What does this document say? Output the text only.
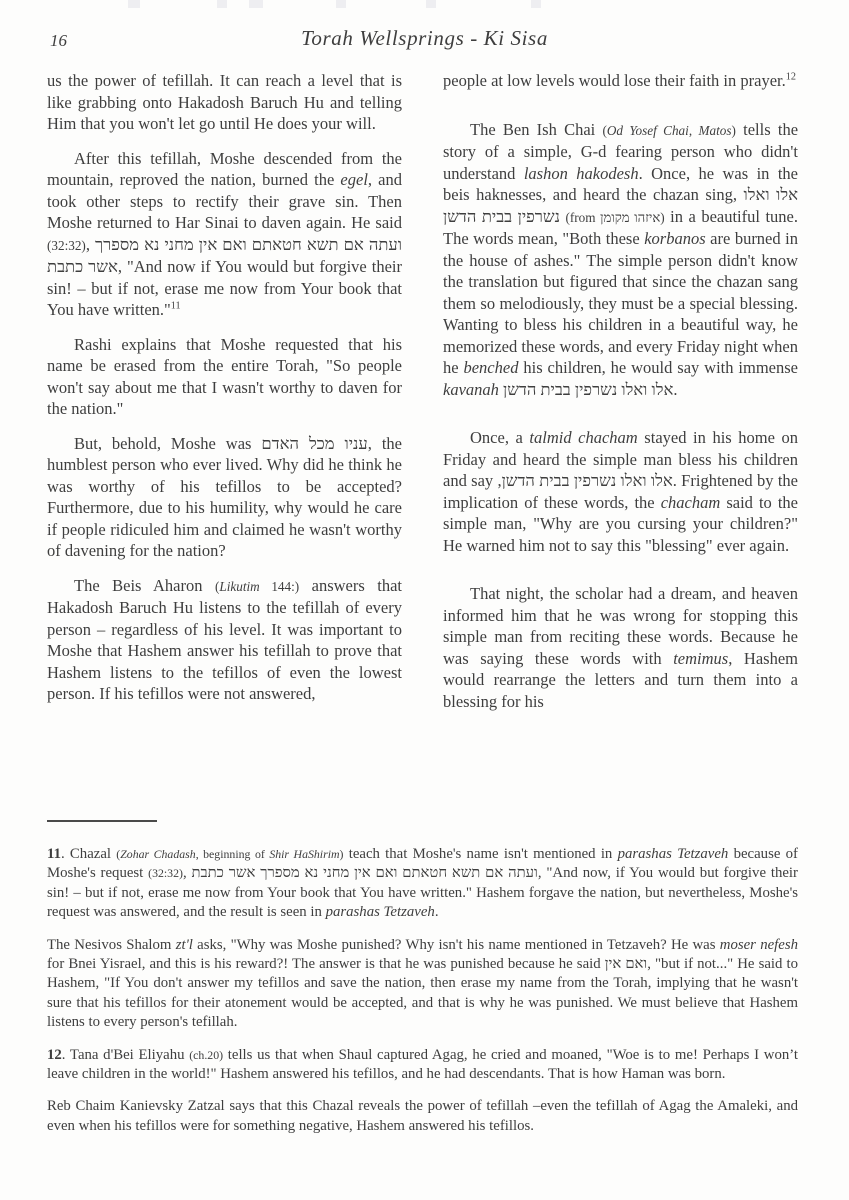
16	Torah Wellsprings - Ki Sisa

us the power of tefillah. It can reach a level that is like grabbing onto Hakadosh Baruch Hu and telling Him that you won't let go until He does your will.

After this tefillah, Moshe descended from the mountain, reproved the nation, burned the egel, and took other steps to rectify their grave sin. Then Moshe returned to Har Sinai to daven again. He said (32:32), ועתה אם תשא חטאתם ואם אין מחני נא מספרך אשר כתבת, "And now if You would but forgive their sin! – but if not, erase me now from Your book that You have written."$^{11}$

Rashi explains that Moshe requested that his name be erased from the entire Torah, "So people won't say about me that I wasn't worthy to daven for the nation."

But, behold, Moshe was עניו מכל האדם, the humblest person who ever lived. Why did he think he was worthy of his tefillos to be accepted? Furthermore, due to his humility, why would he care if people ridiculed him and claimed he wasn't worthy of davening for the nation?

The Beis Aharon (Likutim 144:) answers that Hakadosh Baruch Hu listens to the tefillah of every person – regardless of his level. It was important to Moshe that Hashem answer his tefillah to prove that Hashem listens to the tefillos of even the lowest person. If his tefillos were not answered,

people at low levels would lose their faith in prayer.$^{12}$

The Ben Ish Chai (Od Yosef Chai, Matos) tells the story of a simple, G-d fearing person who didn't understand lashon hakodesh. Once, he was in the beis haknesses, and heard the chazan sing, אלו ואלו נשרפין בבית הדשן (from איזהו מקומן) in a beautiful tune. The words mean, "Both these korbanos are burned in the house of ashes." The simple person didn't know the translation but figured that since the chazan sang them so melodiously, they must be a special blessing. Wanting to bless his children in a beautiful way, he memorized these words, and every Friday night when he benched his children, he would say with immense kavanah אלו ואלו נשרפין בבית הדשן.

Once, a talmid chacham stayed in his home on Friday and heard the simple man bless his children and say ,אלו ואלו נשרפין בבית הדשן. Frightened by the implication of these words, the chacham said to the simple man, "Why are you cursing your children?" He warned him not to say this "blessing" ever again.

That night, the scholar had a dream, and heaven informed him that he was wrong for stopping this simple man from reciting these words. Because he was saying these words with temimus, Hashem would rearrange the letters and turn them into a blessing for his

11. Chazal (Zohar Chadash, beginning of Shir HaShirim) teach that Moshe's name isn't mentioned in parashas Tetzaveh because of Moshe's request (32:32), ועתה אם תשא חטאתם ואם אין מחני נא מספרך אשר כתבת, "And now, if You would but forgive their sin! – but if not, erase me now from Your book that You have written." Hashem forgave the nation, but nevertheless, Moshe's request was answered, and the result is seen in parashas Tetzaveh.

The Nesivos Shalom zt'l asks, "Why was Moshe punished? Why isn't his name mentioned in Tetzaveh? He was moser nefesh for Bnei Yisrael, and this is his reward?! The answer is that he was punished because he said ואם אין, "but if not..." He said to Hashem, "If You don't answer my tefillos and save the nation, then erase my name from the Torah, implying that he wasn't sure that his tefillos for their atonement would be accepted, and that is why he was punished. We must believe that Hashem listens to every person's tefillah.

12. Tana d'Bei Eliyahu (ch.20) tells us that when Shaul captured Agag, he cried and moaned, "Woe is to me! Perhaps I won’t leave children in the world!" Hashem answered his tefillos, and he had descendants. That is how Haman was born.

Reb Chaim Kanievsky Zatzal says that this Chazal reveals the power of tefillah –even the tefillah of Agag the Amaleki, and even when his tefillos were for something negative, Hashem answered his tefillos.
